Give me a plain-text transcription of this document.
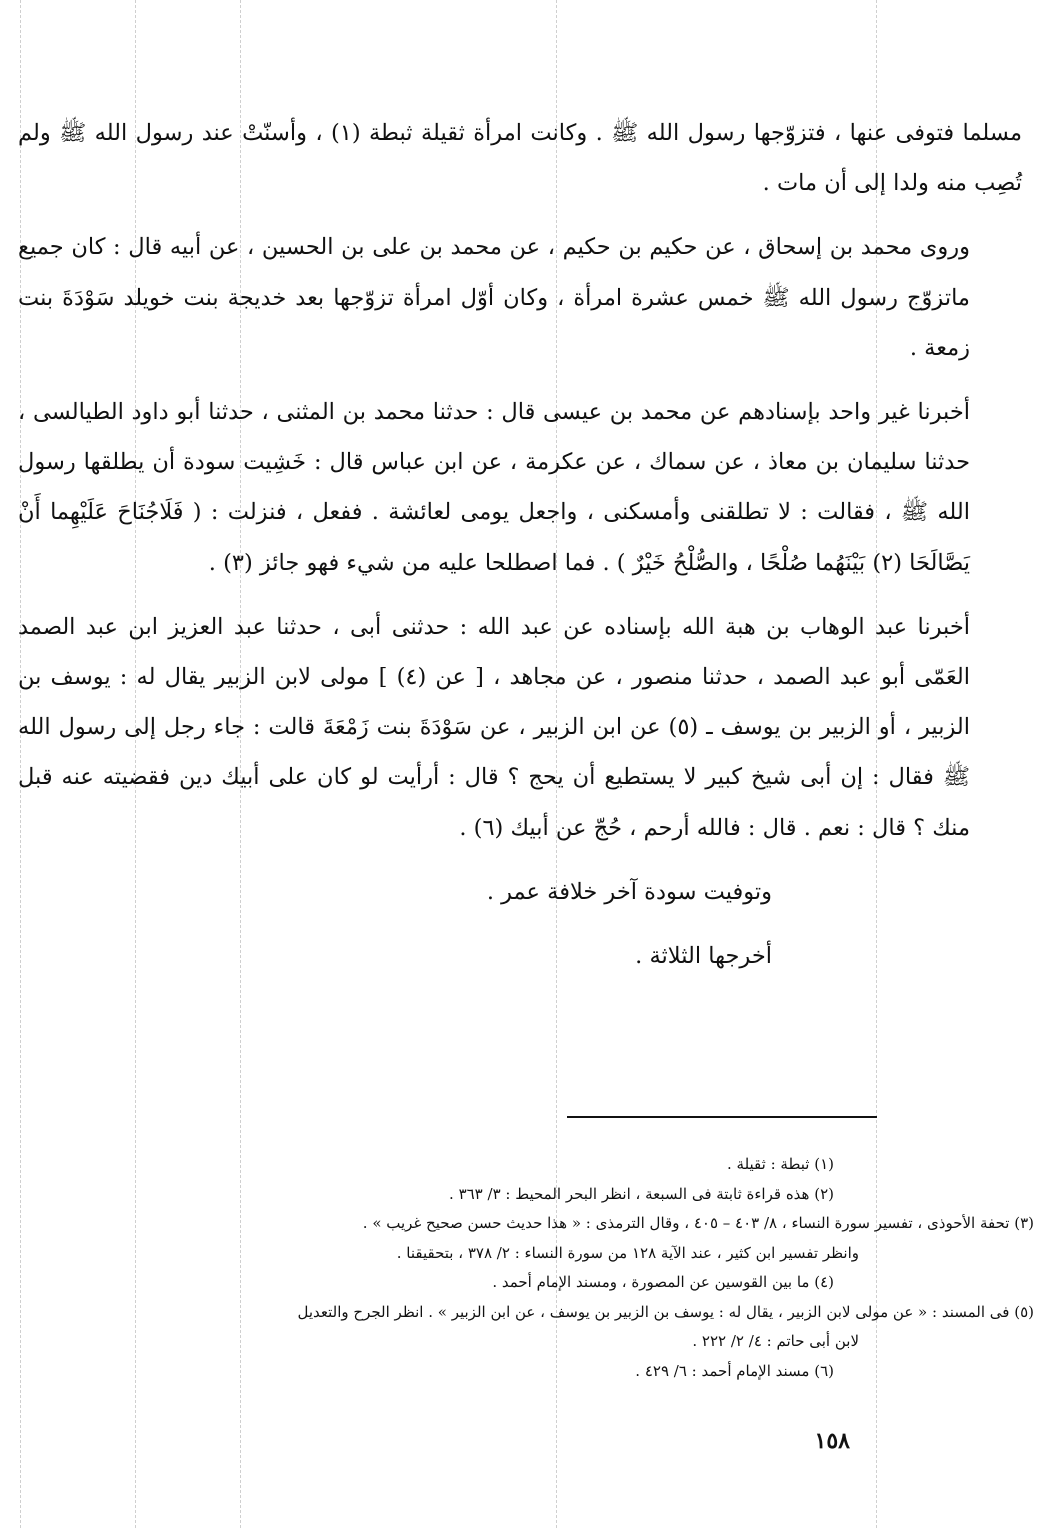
مسلما فتوفى عنها ، فتزوّجها رسول الله ﷺ . وكانت امرأة ثقيلة ثبطة (١) ، وأسنّتْ عند رسول الله ﷺ ولم تُصِب منه ولدا إلى أن مات .

وروى محمد بن إسحاق ، عن حكيم بن حكيم ، عن محمد بن على بن الحسين ، عن أبيه قال : كان جميع ماتزوّج رسول الله ﷺ خمس عشرة امرأة ، وكان أوّل امرأة تزوّجها بعد خديجة بنت خويلد سَوْدَةَ بنت زمعة .

أخبرنا غير واحد بإسنادهم عن محمد بن عيسى قال : حدثنا محمد بن المثنى ، حدثنا أبو داود الطيالسى ، حدثنا سليمان بن معاذ ، عن سماك ، عن عكرمة ، عن ابن عباس قال : خَشِيت سودة أن يطلقها رسول الله ﷺ ، فقالت : لا تطلقنى وأمسكنى ، واجعل يومى لعائشة . ففعل ، فنزلت : ( فَلَاجُنَاحَ عَلَيْهِما أَنْ يَصَّالَحَا (٢) بَيْنَهُما صُلْحًا ، والصُّلْحُ خَيْرٌ ) . فما اصطلحا عليه من شيء فهو جائز (٣) .

أخبرنا عبد الوهاب بن هبة الله بإسناده عن عبد الله : حدثنى أبى ، حدثنا عبد العزيز ابن عبد الصمد العَمّى أبو عبد الصمد ، حدثنا منصور ، عن مجاهد ، [ عن (٤) ] مولى لابن الزبير يقال له : يوسف بن الزبير ، أو الزبير بن يوسف ـ (٥) عن ابن الزبير ، عن سَوْدَةَ بنت زَمْعَةَ قالت : جاء رجل إلى رسول الله ﷺ فقال : إن أبى شيخ كبير لا يستطيع أن يحج ؟ قال : أرأيت لو كان على أبيك دين فقضيته عنه قبل منك ؟ قال : نعم . قال : فالله أرحم ، حُجّ عن أبيك (٦) .

وتوفيت سودة آخر خلافة عمر .

أخرجها الثلاثة .

(١) ثبطة : ثقيلة .

(٢) هذه قراءة ثابتة فى السبعة ، انظر البحر المحيط : ٣/ ٣٦٣ .

(٣) تحفة الأحوذى ، تفسير سورة النساء ، ٨/ ٤٠٣ – ٤٠٥ ، وقال الترمذى : « هذا حديث حسن صحيح غريب » .

وانظر تفسير ابن كثير ، عند الآية ١٢٨ من سورة النساء : ٢/ ٣٧٨ ، بتحقيقنا .

(٤) ما بين القوسين عن المصورة ، ومسند الإمام أحمد .

(٥) فى المسند : « عن مولى لابن الزبير ، يقال له : يوسف بن الزبير بن يوسف ، عن ابن الزبير » . انظر الجرح والتعديل

لابن أبى حاتم : ٤/ ٢/ ٢٢٢ .

(٦) مسند الإمام أحمد : ٦/ ٤٢٩ .

١٥٨
